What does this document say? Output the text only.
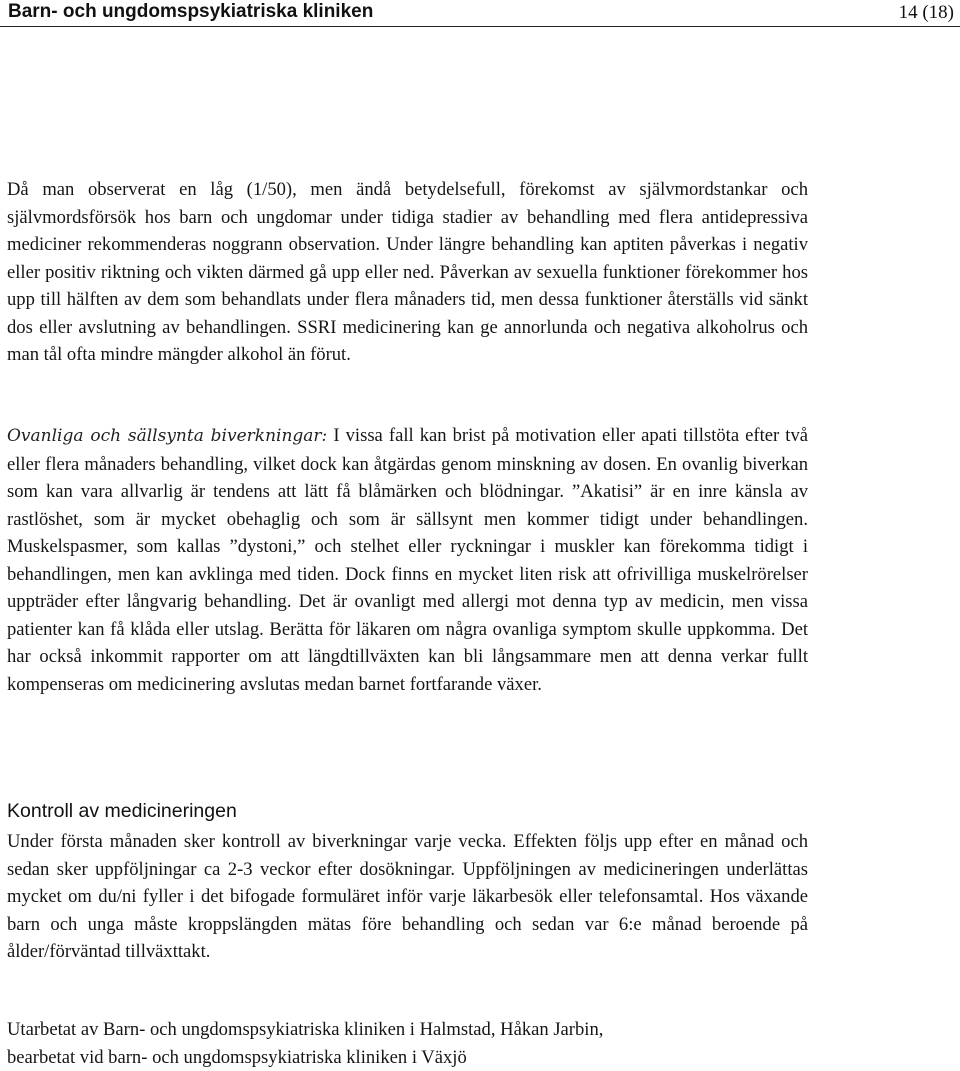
Barn- och ungdomspsykiatriska kliniken	14 (18)

Då man observerat en låg (1/50), men ändå betydelsefull, förekomst av självmordstankar och självmordsförsök hos barn och ungdomar under tidiga stadier av behandling med flera antidepressiva mediciner rekommenderas noggrann observation. Under längre behandling kan aptiten påverkas i negativ eller positiv riktning och vikten därmed gå upp eller ned. Påverkan av sexuella funktioner förekommer hos upp till hälften av dem som behandlats under flera månaders tid, men dessa funktioner återställs vid sänkt dos eller avslutning av behandlingen. SSRI medicinering kan ge annorlunda och negativa alkoholrus och man tål ofta mindre mängder alkohol än förut.

Ovanliga och sällsynta biverkningar: I vissa fall kan brist på motivation eller apati tillstöta efter två eller flera månaders behandling, vilket dock kan åtgärdas genom minskning av dosen. En ovanlig biverkan som kan vara allvarlig är tendens att lätt få blåmärken och blödningar. ”Akatisi” är en inre känsla av rastlöshet, som är mycket obehaglig och som är sällsynt men kommer tidigt under behandlingen. Muskelspasmer, som kallas ”dystoni,” och stelhet eller ryckningar i muskler kan förekomma tidigt i behandlingen, men kan avklinga med tiden. Dock finns en mycket liten risk att ofrivilliga muskelrörelser uppträder efter långvarig behandling. Det är ovanligt med allergi mot denna typ av medicin, men vissa patienter kan få klåda eller utslag. Berätta för läkaren om några ovanliga symptom skulle uppkomma. Det har också inkommit rapporter om att längdtillväxten kan bli långsammare men att denna verkar fullt kompenseras om medicinering avslutas medan barnet fortfarande växer.

Kontroll av medicineringen

Under första månaden sker kontroll av biverkningar varje vecka. Effekten följs upp efter en månad och sedan sker uppföljningar ca 2-3 veckor efter dosökningar. Uppföljningen av medicineringen underlättas mycket om du/ni fyller i det bifogade formuläret inför varje läkarbesök eller telefonsamtal. Hos växande barn och unga måste kroppslängden mätas före behandling och sedan var 6:e månad beroende på ålder/förväntad tillväxttakt.

Utarbetat av Barn- och ungdomspsykiatriska kliniken i Halmstad, Håkan Jarbin,
bearbetat vid barn- och ungdomspsykiatriska kliniken i Växjö
